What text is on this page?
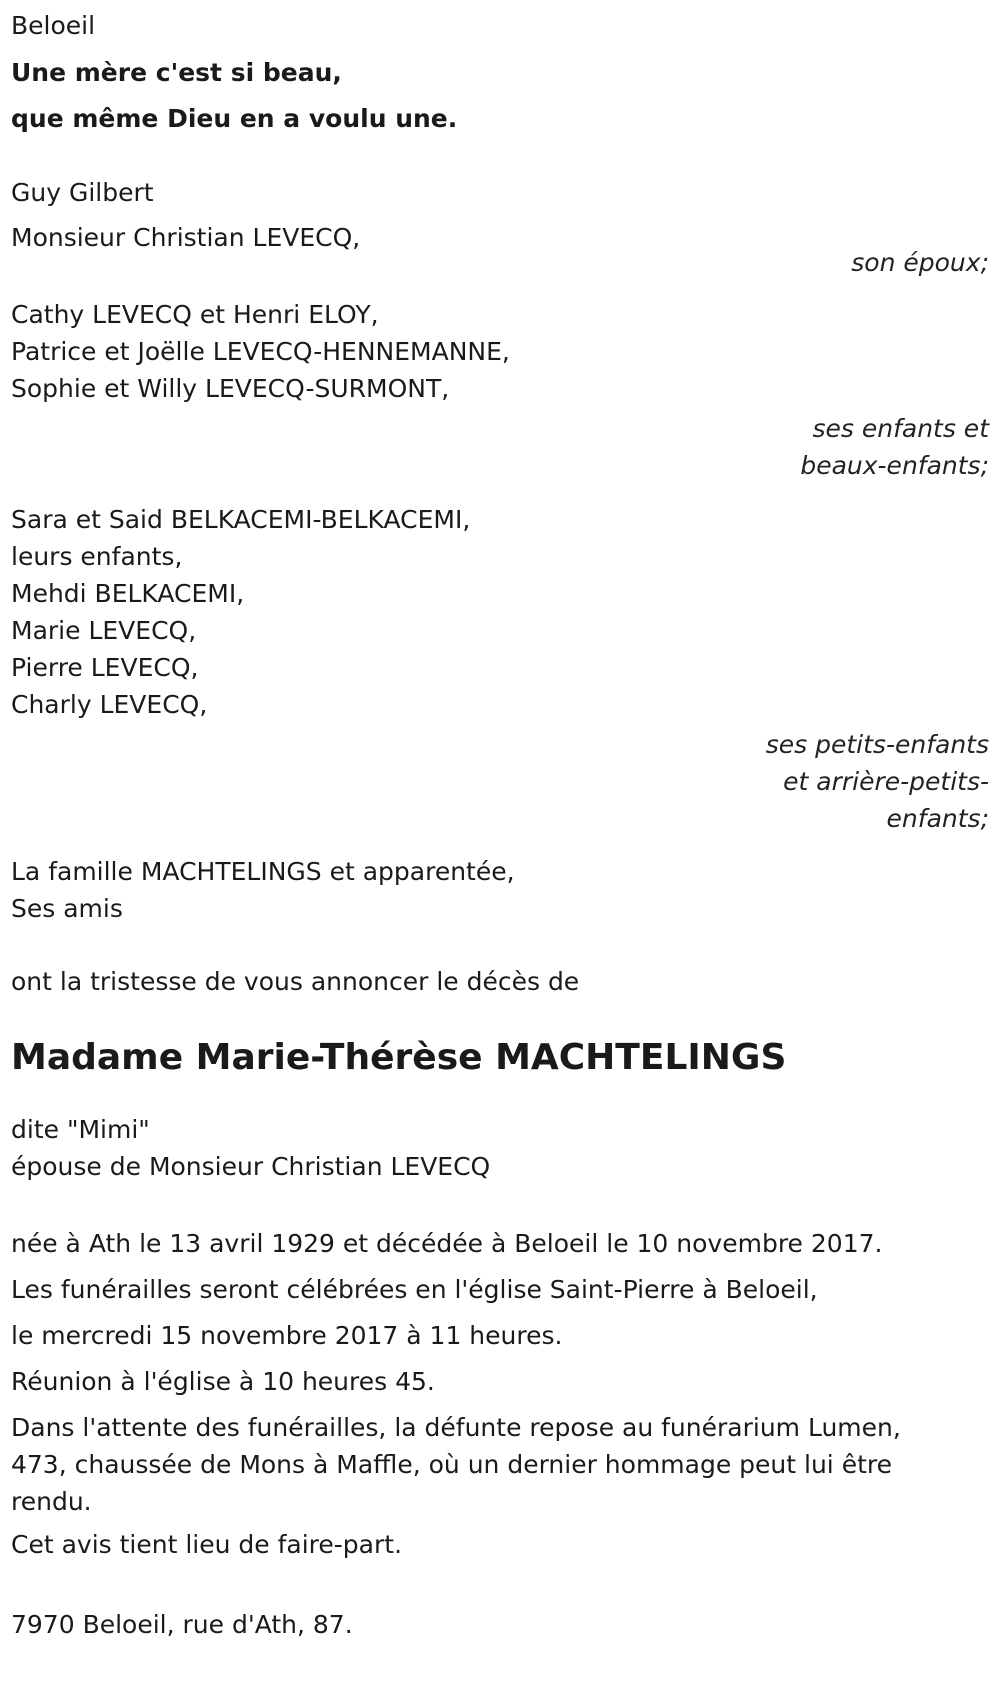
Beloeil
Une mère c'est si beau,
que même Dieu en a voulu une.
Guy Gilbert
Monsieur Christian LEVECQ,
son époux;
Cathy LEVECQ et Henri ELOY,
Patrice et Joëlle LEVECQ-HENNEMANNE,
Sophie et Willy LEVECQ-SURMONT,
ses enfants et
beaux-enfants;
Sara et Said BELKACEMI-BELKACEMI,
leurs enfants,
Mehdi BELKACEMI,
Marie LEVECQ,
Pierre LEVECQ,
Charly LEVECQ,
ses petits-enfants
et arrière-petits-
enfants;
La famille MACHTELINGS et apparentée,
Ses amis
ont la tristesse de vous annoncer le décès de
Madame Marie-Thérèse MACHTELINGS
dite "Mimi"
épouse de Monsieur Christian LEVECQ
née à Ath le 13 avril 1929 et décédée à Beloeil le 10 novembre 2017.
Les funérailles seront célébrées en l'église Saint-Pierre à Beloeil,
le mercredi 15 novembre 2017 à 11 heures.
Réunion à l'église à 10 heures 45.
Dans l'attente des funérailles, la défunte repose au funérarium Lumen,
473, chaussée de Mons à Maffle, où un dernier hommage peut lui être
rendu.
Cet avis tient lieu de faire-part.
7970 Beloeil, rue d'Ath, 87.
